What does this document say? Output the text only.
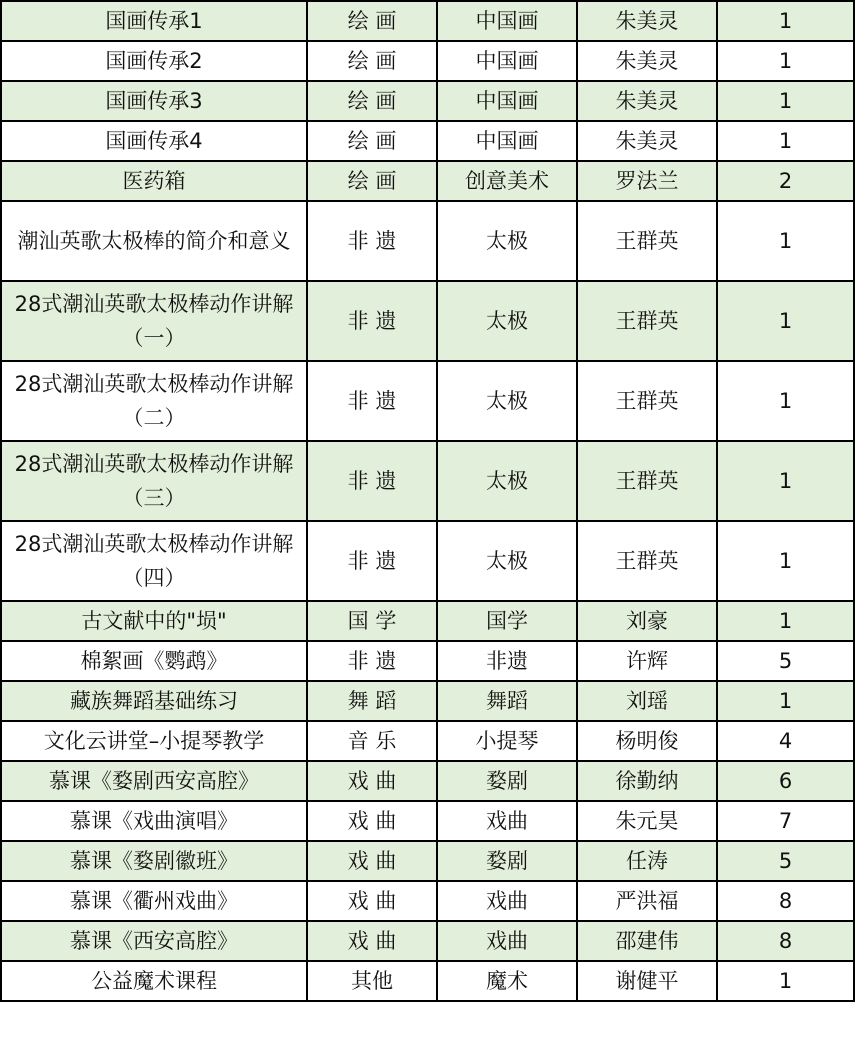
国画传承1	绘 画	中国画	朱美灵	1
国画传承2	绘 画	中国画	朱美灵	1
国画传承3	绘 画	中国画	朱美灵	1
国画传承4	绘 画	中国画	朱美灵	1
医药箱	绘 画	创意美术	罗法兰	2
潮汕英歌太极棒的简介和意义	非 遗	太极	王群英	1
28式潮汕英歌太极棒动作讲解（一）	非 遗	太极	王群英	1
28式潮汕英歌太极棒动作讲解（二）	非 遗	太极	王群英	1
28式潮汕英歌太极棒动作讲解（三）	非 遗	太极	王群英	1
28式潮汕英歌太极棒动作讲解（四）	非 遗	太极	王群英	1
古文献中的"埙"	国 学	国学	刘豪	1
棉絮画《鹦鹉》	非 遗	非遗	许辉	5
藏族舞蹈基础练习	舞 蹈	舞蹈	刘瑶	1
文化云讲堂–小提琴教学	音 乐	小提琴	杨明俊	4
慕课《婺剧西安高腔》	戏 曲	婺剧	徐勤纳	6
慕课《戏曲演唱》	戏 曲	戏曲	朱元昊	7
慕课《婺剧徽班》	戏 曲	婺剧	任涛	5
慕课《衢州戏曲》	戏 曲	戏曲	严洪福	8
慕课《西安高腔》	戏 曲	戏曲	邵建伟	8
公益魔术课程	其他	魔术	谢健平	1
